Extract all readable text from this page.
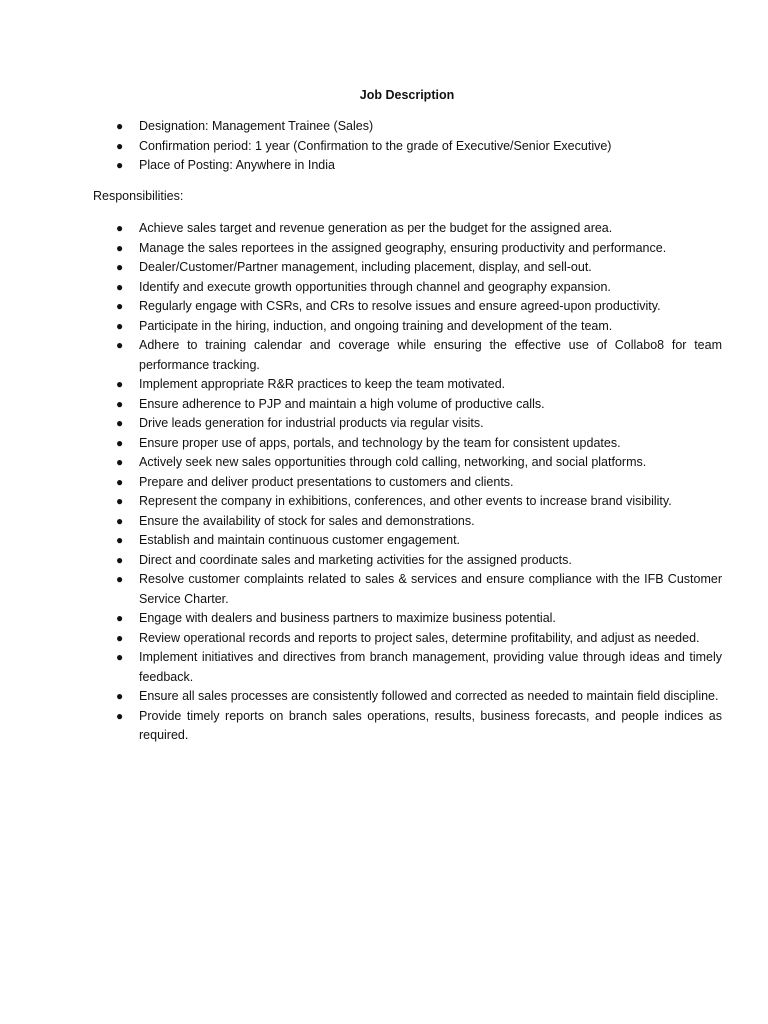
Job Description
● Designation: Management Trainee (Sales)
● Confirmation period: 1 year (Confirmation to the grade of Executive/Senior Executive)
● Place of Posting: Anywhere in India
Responsibilities:
● Achieve sales target and revenue generation as per the budget for the assigned area.
● Manage the sales reportees in the assigned geography, ensuring productivity and performance.
● Dealer/Customer/Partner management, including placement, display, and sell-out.
● Identify and execute growth opportunities through channel and geography expansion.
● Regularly engage with CSRs, and CRs to resolve issues and ensure agreed-upon productivity.
● Participate in the hiring, induction, and ongoing training and development of the team.
● Adhere to training calendar and coverage while ensuring the effective use of Collabo8 for team performance tracking.
● Implement appropriate R&R practices to keep the team motivated.
● Ensure adherence to PJP and maintain a high volume of productive calls.
● Drive leads generation for industrial products via regular visits.
● Ensure proper use of apps, portals, and technology by the team for consistent updates.
● Actively seek new sales opportunities through cold calling, networking, and social platforms.
● Prepare and deliver product presentations to customers and clients.
● Represent the company in exhibitions, conferences, and other events to increase brand visibility.
● Ensure the availability of stock for sales and demonstrations.
● Establish and maintain continuous customer engagement.
● Direct and coordinate sales and marketing activities for the assigned products.
● Resolve customer complaints related to sales & services and ensure compliance with the IFB Customer Service Charter.
● Engage with dealers and business partners to maximize business potential.
● Review operational records and reports to project sales, determine profitability, and adjust as needed.
● Implement initiatives and directives from branch management, providing value through ideas and timely feedback.
● Ensure all sales processes are consistently followed and corrected as needed to maintain field discipline.
● Provide timely reports on branch sales operations, results, business forecasts, and people indices as required.
